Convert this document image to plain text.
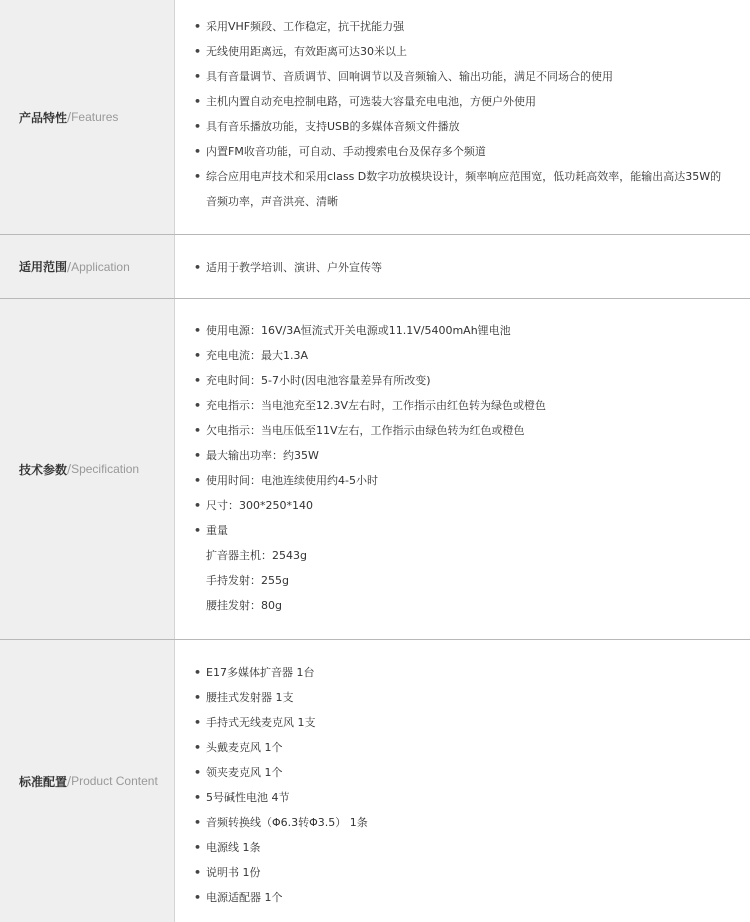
产品特性 / Features
• 采用VHF频段、工作稳定，抗干扰能力强
• 无线使用距离远，有效距离可达30米以上
• 具有音量调节、音质调节、回响调节以及音频输入、输出功能，满足不同场合的使用
• 主机内置自动充电控制电路，可选装大容量充电电池，方便户外使用
• 具有音乐播放功能，支持USB的多媒体音频文件播放
• 内置FM收音功能，可自动、手动搜索电台及保存多个频道
• 综合应用电声技术和采用class D数字功放模块设计，频率响应范围宽，低功耗高效率，能输出高达35W的音频功率，声音洪亮、清晰
适用范围 / Application	• 适用于教学培训、演讲、户外宣传等
技术参数 / Specification
• 使用电源：16V/3A恒流式开关电源或11.1V/5400mAh锂电池
• 充电电流：最大1.3A
• 充电时间：5-7小时(因电池容量差异有所改变)
• 充电指示：当电池充至12.3V左右时，工作指示由红色转为绿色或橙色
• 欠电指示：当电压低至11V左右，工作指示由绿色转为红色或橙色
• 最大输出功率：约35W
• 使用时间：电池连续使用约4-5小时
• 尺寸：300*250*140
• 重量
扩音器主机：2543g
手持发射：255g
腰挂发射：80g
标准配置 / Product Content
• E17多媒体扩音器 1台
• 腰挂式发射器 1支
• 手持式无线麦克风 1支
• 头戴麦克风 1个
• 领夹麦克风 1个
• 5号碱性电池 4节
• 音频转换线（Φ6.3转Φ3.5） 1条
• 电源线 1条
• 说明书 1份
• 电源适配器 1个
